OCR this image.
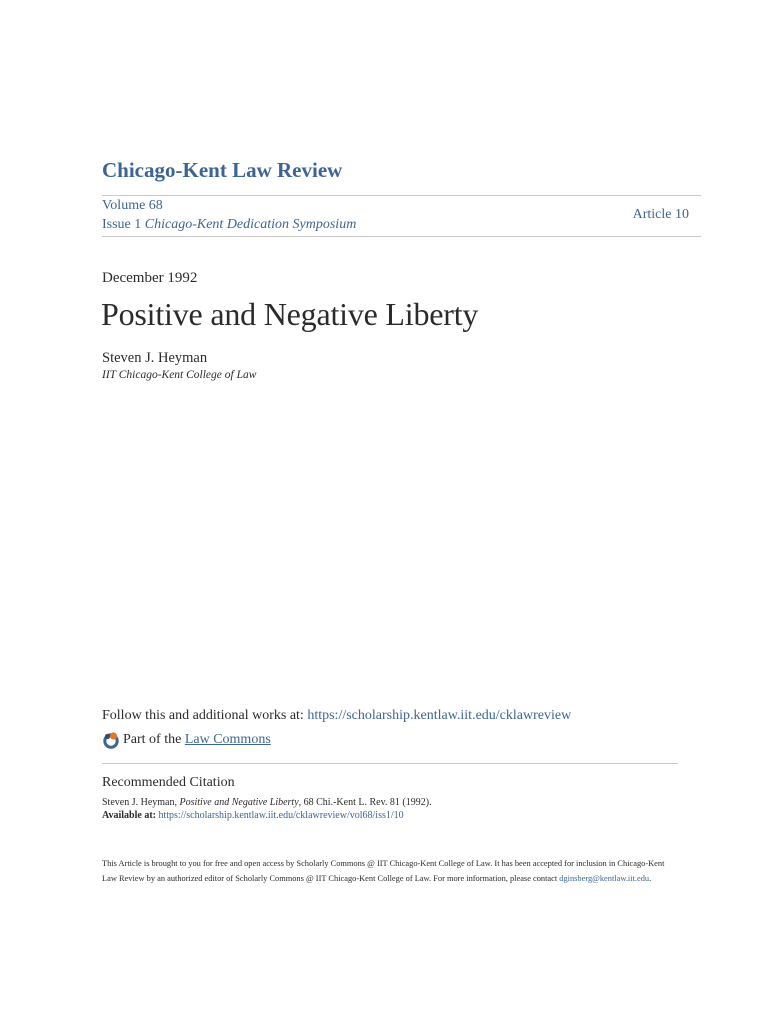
Chicago-Kent Law Review
Volume 68
Issue 1 Chicago-Kent Dedication Symposium
Article 10
December 1992
Positive and Negative Liberty
Steven J. Heyman
IIT Chicago-Kent College of Law
Follow this and additional works at: https://scholarship.kentlaw.iit.edu/cklawreview
Part of the
Law Commons
Recommended Citation
Steven J. Heyman, Positive and Negative Liberty, 68 Chi.-Kent L. Rev. 81 (1992).
Available at: https://scholarship.kentlaw.iit.edu/cklawreview/vol68/iss1/10
This Article is brought to you for free and open access by Scholarly Commons @ IIT Chicago-Kent College of Law. It has been accepted for inclusion in Chicago-Kent Law Review by an authorized editor of Scholarly Commons @ IIT Chicago-Kent College of Law. For more information, please contact dginsberg@kentlaw.iit.edu.
